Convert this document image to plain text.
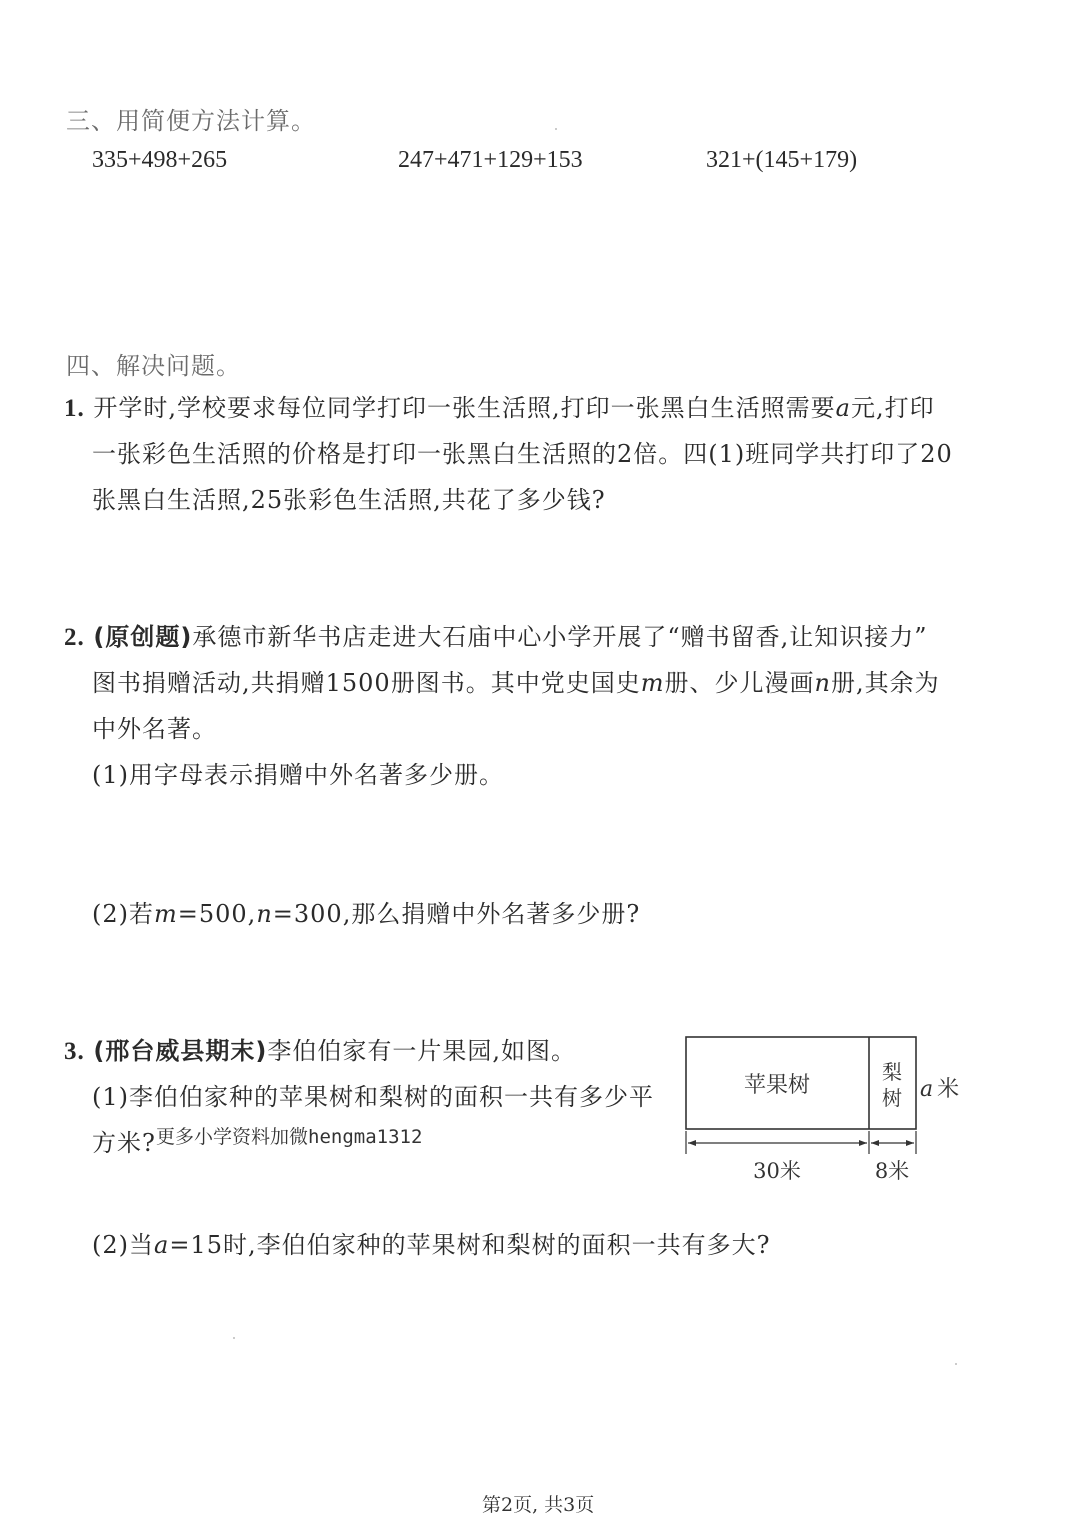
三、用简便方法计算。
335+498+265	247+471+129+153	321+(145+179)
四、解决问题。
1. 开学时,学校要求每位同学打印一张生活照,打印一张黑白生活照需要a元,打印
一张彩色生活照的价格是打印一张黑白生活照的2倍。四(1)班同学共打印了20
张黑白生活照,25张彩色生活照,共花了多少钱?
2. (原创题)承德市新华书店走进大石庙中心小学开展了“赠书留香,让知识接力”
图书捐赠活动,共捐赠1500册图书。其中党史国史m册、少儿漫画n册,其余为
中外名著。
(1)用字母表示捐赠中外名著多少册。
(2)若m=500,n=300,那么捐赠中外名著多少册?
3. (邢台威县期末)李伯伯家有一片果园,如图。
(1)李伯伯家种的苹果树和梨树的面积一共有多少平
方米? 更多小学资料加微hengma1312
(2)当a=15时,李伯伯家种的苹果树和梨树的面积一共有多大?
苹果树
梨
树 a 米
30米	8米
第2页, 共3页
